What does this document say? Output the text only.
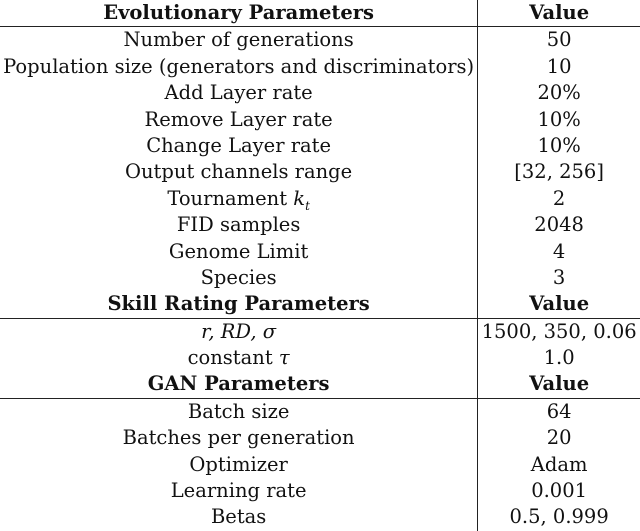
Evolutionary Parameters	Value
Number of generations	50
Population size (generators and discriminators)	10
Add Layer rate	20%
Remove Layer rate	10%
Change Layer rate	10%
Output channels range	[32, 256]
Tournament $k_t$	2
FID samples	2048
Genome Limit	4
Species	3
Skill Rating Parameters	Value
r, RD, σ	1500, 350, 0.06
constant τ	1.0
GAN Parameters	Value
Batch size	64
Batches per generation	20
Optimizer	Adam
Learning rate	0.001
Betas	0.5, 0.999
